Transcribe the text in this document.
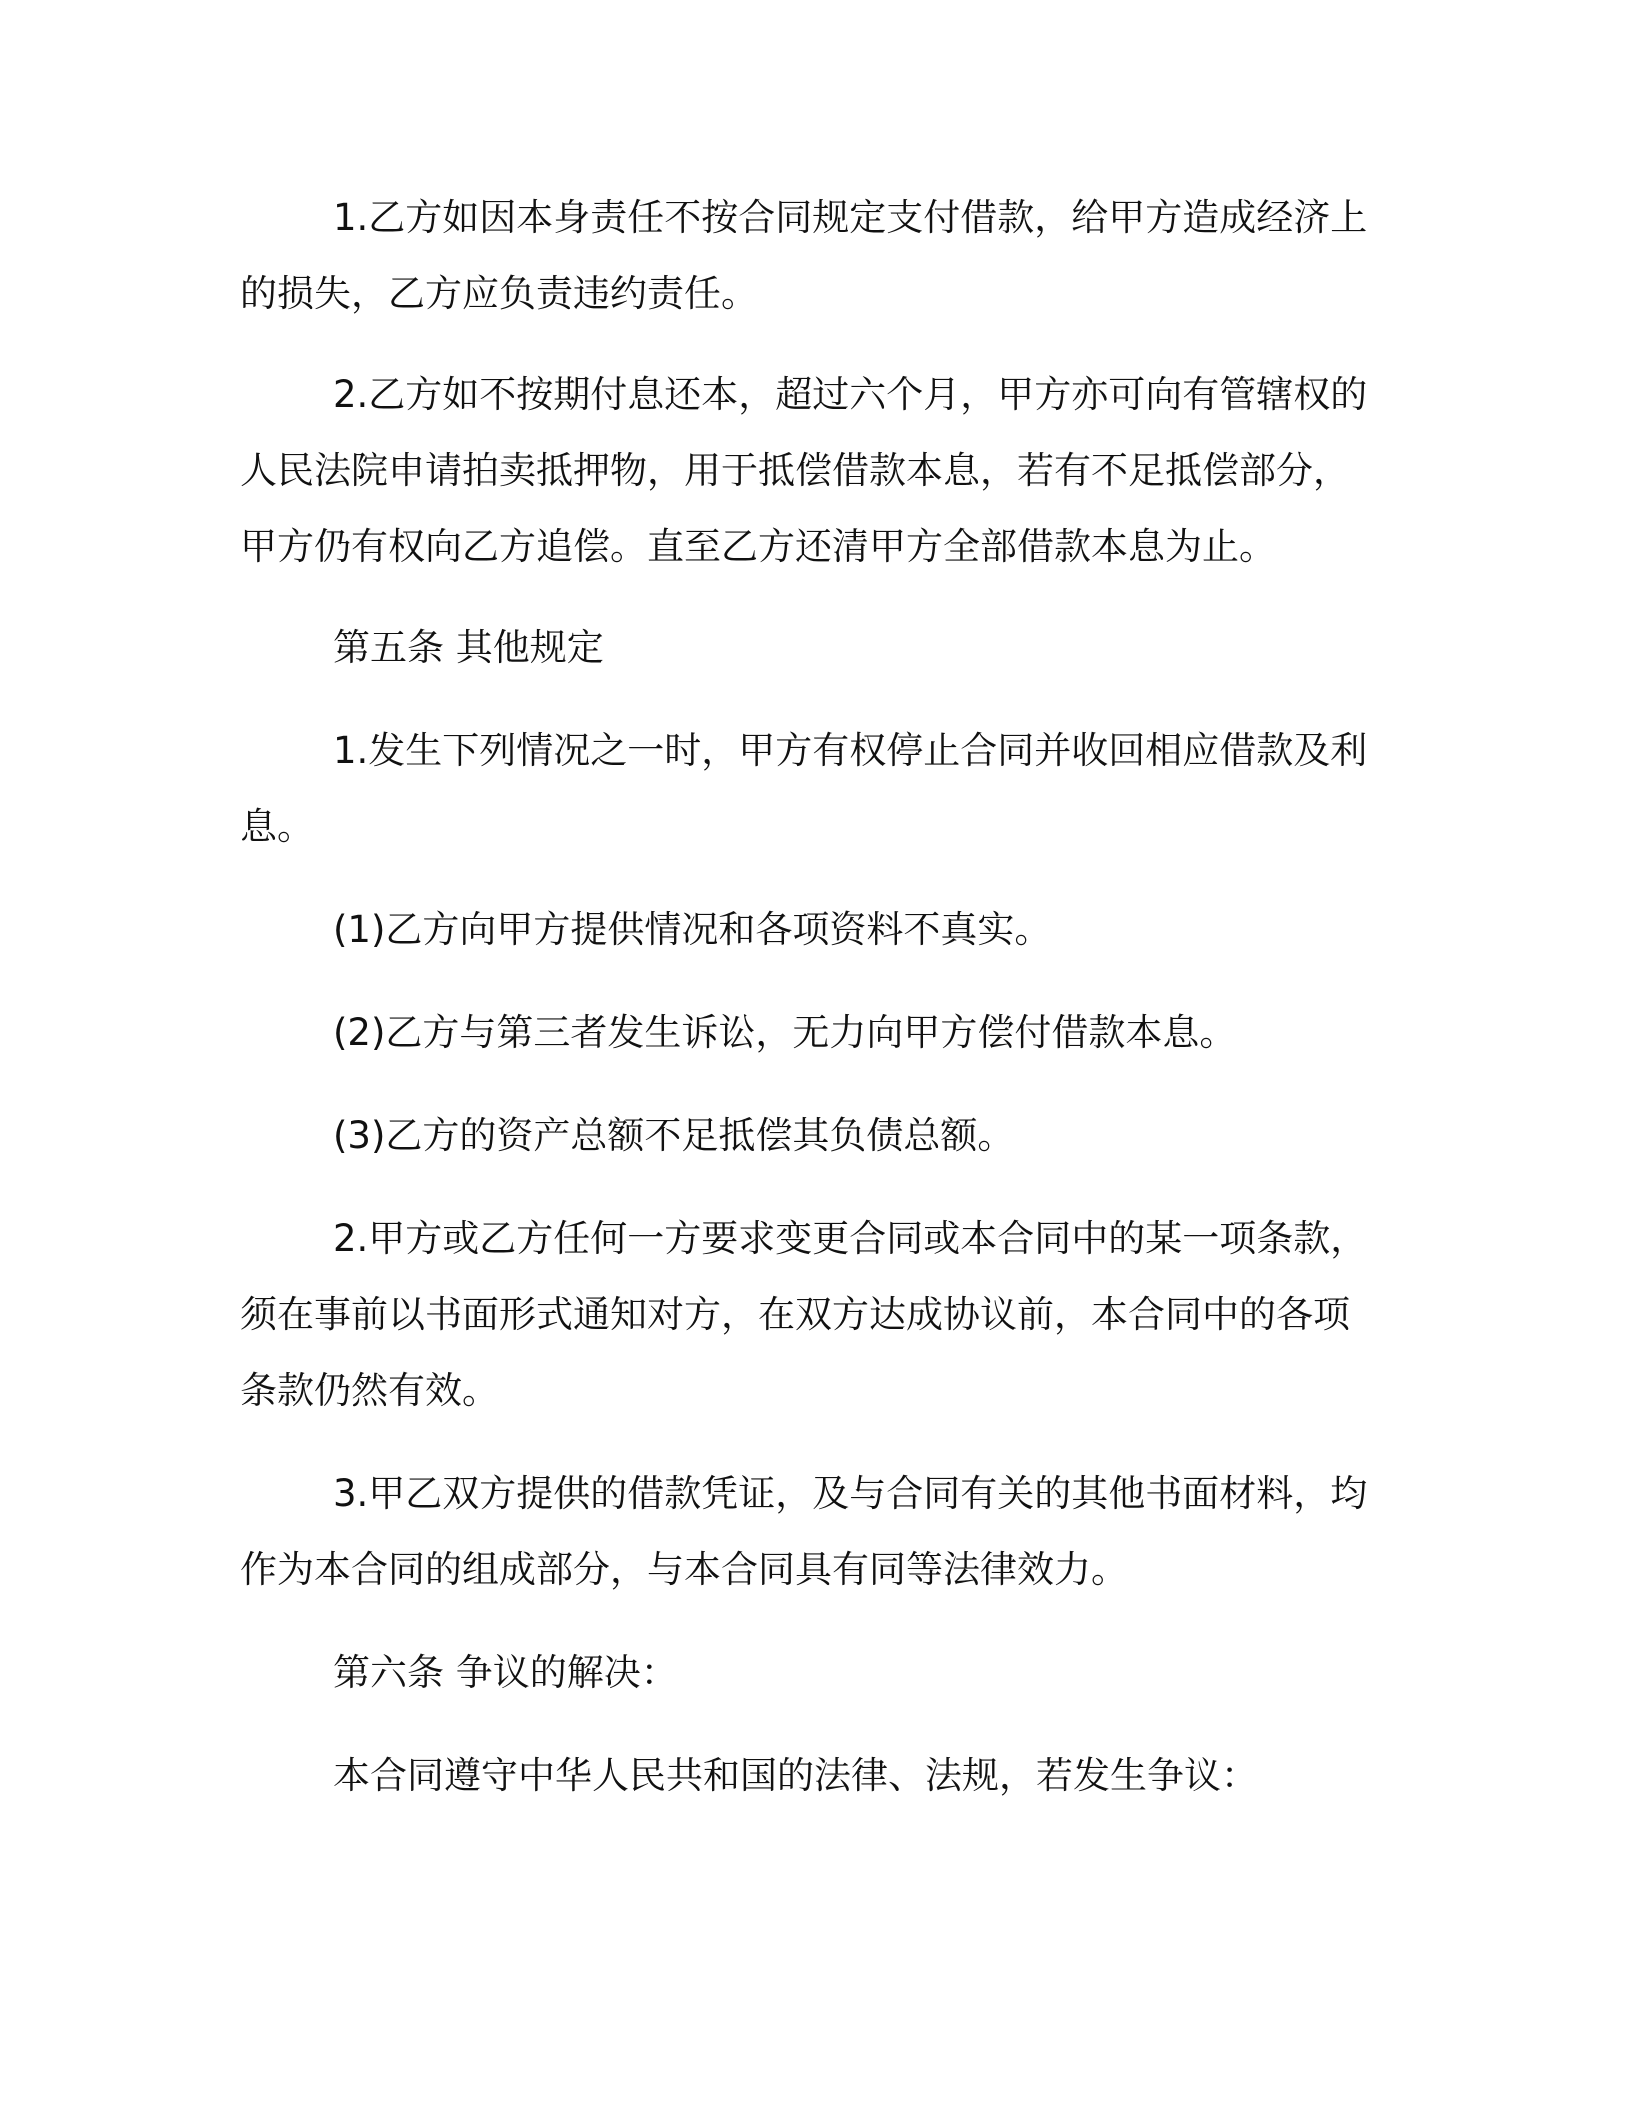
1.乙方如因本身责任不按合同规定支付借款，给甲方造成经济上
的损失，乙方应负责违约责任。
2.乙方如不按期付息还本，超过六个月，甲方亦可向有管辖权的
人民法院申请拍卖抵押物，用于抵偿借款本息，若有不足抵偿部分，
甲方仍有权向乙方追偿。直至乙方还清甲方全部借款本息为止。
第五条 其他规定
1.发生下列情况之一时，甲方有权停止合同并收回相应借款及利
息。
(1)乙方向甲方提供情况和各项资料不真实。
(2)乙方与第三者发生诉讼，无力向甲方偿付借款本息。
(3)乙方的资产总额不足抵偿其负债总额。
2.甲方或乙方任何一方要求变更合同或本合同中的某一项条款，
须在事前以书面形式通知对方，在双方达成协议前，本合同中的各项
条款仍然有效。
3.甲乙双方提供的借款凭证，及与合同有关的其他书面材料，均
作为本合同的组成部分，与本合同具有同等法律效力。
第六条 争议的解决：
本合同遵守中华人民共和国的法律、法规，若发生争议：
